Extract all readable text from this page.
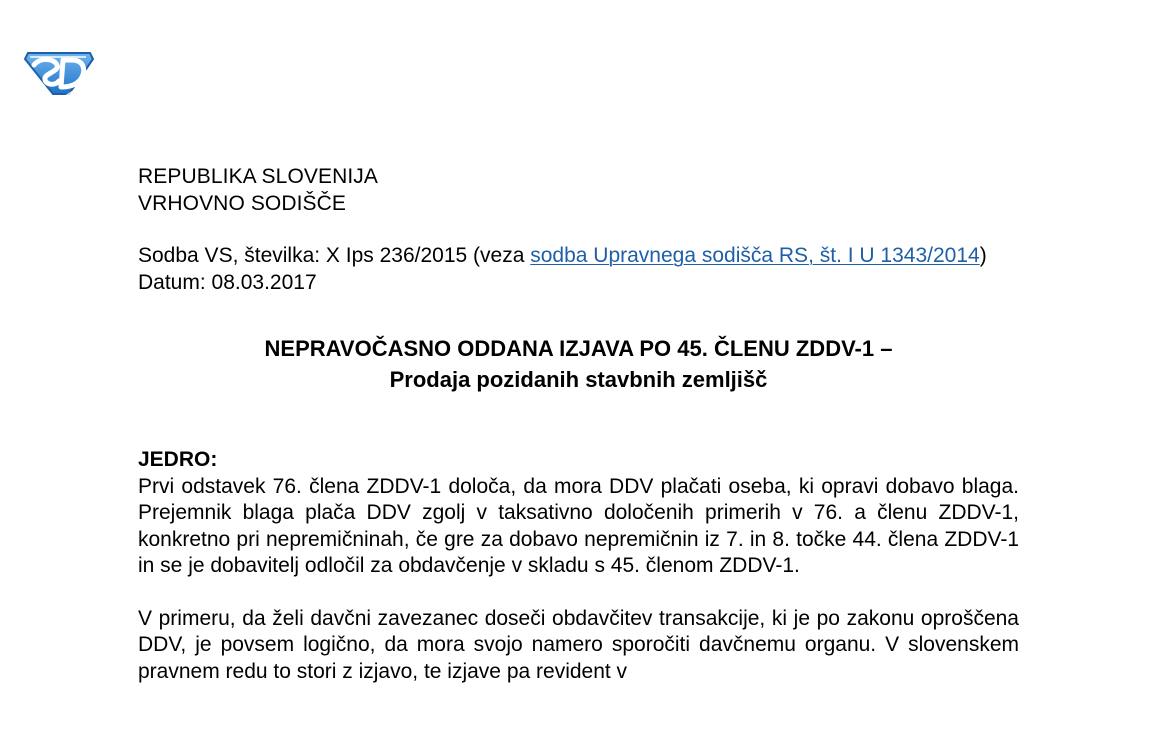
REPUBLIKA SLOVENIJA
VRHOVNO SODIŠČE
Sodba VS, številka: X Ips 236/2015 (veza sodba Upravnega sodišča RS, št. I U 1343/2014)
Datum: 08.03.2017
NEPRAVOČASNO ODDANA IZJAVA PO 45. ČLENU ZDDV-1 –
Prodaja pozidanih stavbnih zemljišč
JEDRO:

Prvi odstavek 76. člena ZDDV-1 določa, da mora DDV plačati oseba, ki opravi dobavo blaga. Prejemnik blaga plača DDV zgolj v taksativno določenih primerih v 76. a členu ZDDV-1, konkretno pri nepremičninah, če gre za dobavo nepremičnin iz 7. in 8. točke 44. člena ZDDV-1 in se je dobavitelj odločil za obdavčenje v skladu s 45. členom ZDDV-1.

V primeru, da želi davčni zavezanec doseči obdavčitev transakcije, ki je po zakonu oproščena DDV, je povsem logično, da mora svojo namero sporočiti davčnemu organu. V slovenskem pravnem redu to stori z izjavo, te izjave pa revident v
